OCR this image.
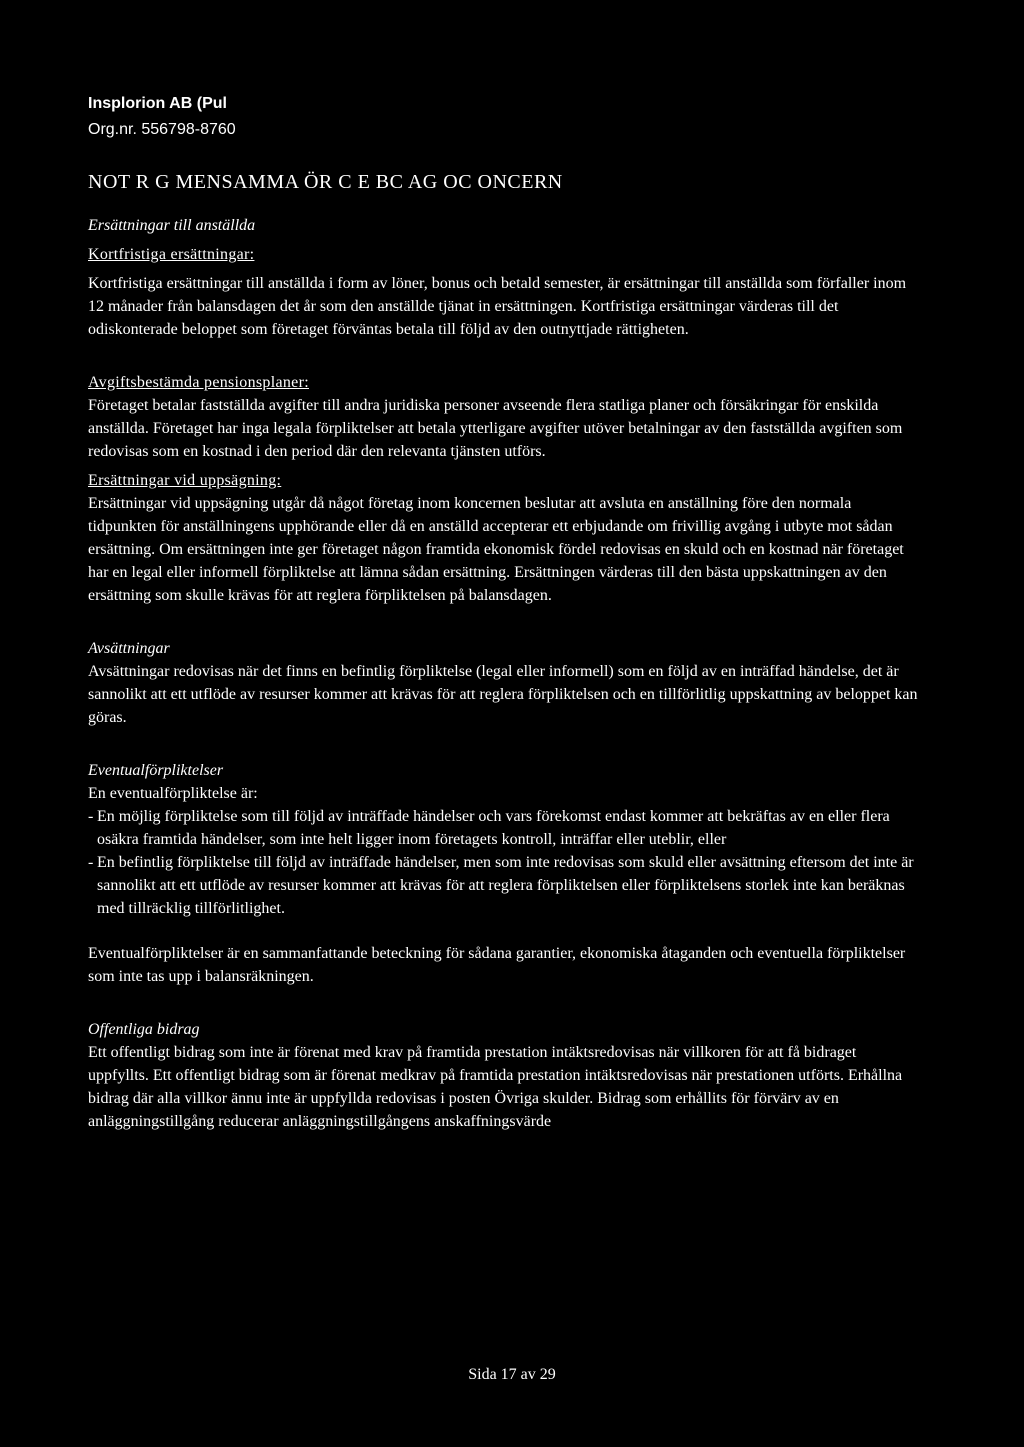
Insplorion AB (Pul
Org.nr. 556798-8760
NOT R G MENSAMMA ÖR C E BC AG OC ONCERN

Ersättningar till anställda

Kortfristiga ersättningar:

Kortfristiga ersättningar till anställda i form av löner, bonus och betald semester, är ersättningar till anställda som förfaller inom 12 månader från balansdagen det år som den anställde tjänat in ersättningen. Kortfristiga ersättningar värderas till det odiskonterade beloppet som företaget förväntas betala till följd av den outnyttjade rättigheten.

Avgiftsbestämda pensionsplaner:

Företaget betalar fastställda avgifter till andra juridiska personer avseende flera statliga planer och försäkringar för enskilda anställda. Företaget har inga legala förpliktelser att betala ytterligare avgifter utöver betalningar av den fastställda avgiften som redovisas som en kostnad i den period där den relevanta tjänsten utförs.

Ersättningar vid uppsägning:

Ersättningar vid uppsägning utgår då något företag inom koncernen beslutar att avsluta en anställning före den normala tidpunkten för anställningens upphörande eller då en anställd accepterar ett erbjudande om frivillig avgång i utbyte mot sådan ersättning. Om ersättningen inte ger företaget någon framtida ekonomisk fördel redovisas en skuld och en kostnad när företaget har en legal eller informell förpliktelse att lämna sådan ersättning. Ersättningen värderas till den bästa uppskattningen av den ersättning som skulle krävas för att reglera förpliktelsen på balansdagen.

Avsättningar

Avsättningar redovisas när det finns en befintlig förpliktelse (legal eller informell) som en följd av en inträffad händelse, det är sannolikt att ett utflöde av resurser kommer att krävas för att reglera förpliktelsen och en tillförlitlig uppskattning av beloppet kan göras.

Eventualförpliktelser

En eventualförpliktelse är:

- En möjlig förpliktelse som till följd av inträffade händelser och vars förekomst endast kommer att bekräftas av en eller flera osäkra framtida händelser, som inte helt ligger inom företagets kontroll, inträffar eller uteblir, eller
- En befintlig förpliktelse till följd av inträffade händelser, men som inte redovisas som skuld eller avsättning eftersom det inte är sannolikt att ett utflöde av resurser kommer att krävas för att reglera förpliktelsen eller förpliktelsens storlek inte kan beräknas med tillräcklig tillförlitlighet.

Eventualförpliktelser är en sammanfattande beteckning för sådana garantier, ekonomiska åtaganden och eventuella förpliktelser som inte tas upp i balansräkningen.

Offentliga bidrag

Ett offentligt bidrag som inte är förenat med krav på framtida prestation intäktsredovisas när villkoren för att få bidraget uppfyllts. Ett offentligt bidrag som är förenat medkrav på framtida prestation intäktsredovisas när prestationen utförts. Erhållna bidrag där alla villkor ännu inte är uppfyllda redovisas i posten Övriga skulder. Bidrag som erhållits för förvärv av en anläggningstillgång reducerar anläggningstillgångens anskaffningsvärde

Sida 17 av 29
